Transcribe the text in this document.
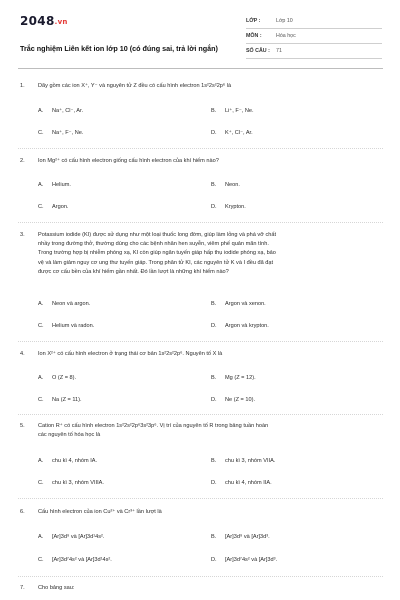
2048.vn
Trắc nghiệm Liên kết ion lớp 10 (có đúng sai, trả lời ngắn)
LỚP :	Lớp 10
MÔN :	Hóa học
SỐ CÂU :	71
1. Dãy gồm các ion X⁺, Y⁻ và nguyên tử Z đều có cấu hình electron 1s²2s²2p⁶ là
A. Na⁺, Cl⁻, Ar.	B. Li⁺, F⁻, Ne.
C. Na⁺, F⁻, Ne.	D. K⁺, Cl⁻, Ar.
2. Ion Mg²⁺ có cấu hình electron giống cấu hình electron của khí hiếm nào?
A. Helium.	B. Neon.
C. Argon.	D. Krypton.
3. Potassium iodide (KI) được sử dụng như một loại thuốc long đờm, giúp làm lỏng và phá vỡ chất
nhầy trong đường thở, thường dùng cho các bệnh nhân hen suyễn, viêm phế quản mãn tính.
Trong trường hợp bị nhiễm phóng xạ, KI còn giúp ngăn tuyến giáp hấp thụ iodide phóng xạ, bảo
vệ và làm giảm nguy cơ ung thư tuyến giáp. Trong phân tử KI, các nguyên tử K và I đều đã đạt
được cơ cấu bền của khí hiếm gần nhất. Đó lần lượt là những khí hiếm nào?
A. Neon và argon.	B. Argon và xenon.
C. Helium và radon.	D. Argon và krypton.
4. Ion X²⁺ có cấu hình electron ở trạng thái cơ bản 1s²2s²2p⁶. Nguyên tố X là
A. O (Z = 8).	B. Mg (Z = 12).
C. Na (Z = 11).	D. Ne (Z = 10).
5. Cation R⁺ có cấu hình electron 1s²2s²2p⁶3s²3p⁶. Vị trí của nguyên tố R trong bảng tuần hoàn
các nguyên tố hóa học là
A. chu kì 4, nhóm IA.	B. chu kì 3, nhóm VIIA.
C. chu kì 3, nhóm VIIIA.	D. chu kì 4, nhóm IIA.
6. Cấu hình electron của ion Cu²⁺ và Cr³⁺ lần lượt là
A. [Ar]3d⁹ và [Ar]3d¹4s².	B. [Ar]3d⁹ và [Ar]3d³.
C. [Ar]3d⁷4s² và [Ar]3d¹4s².	D. [Ar]3d⁷4s² và [Ar]3d³.
7. Cho bảng sau:
